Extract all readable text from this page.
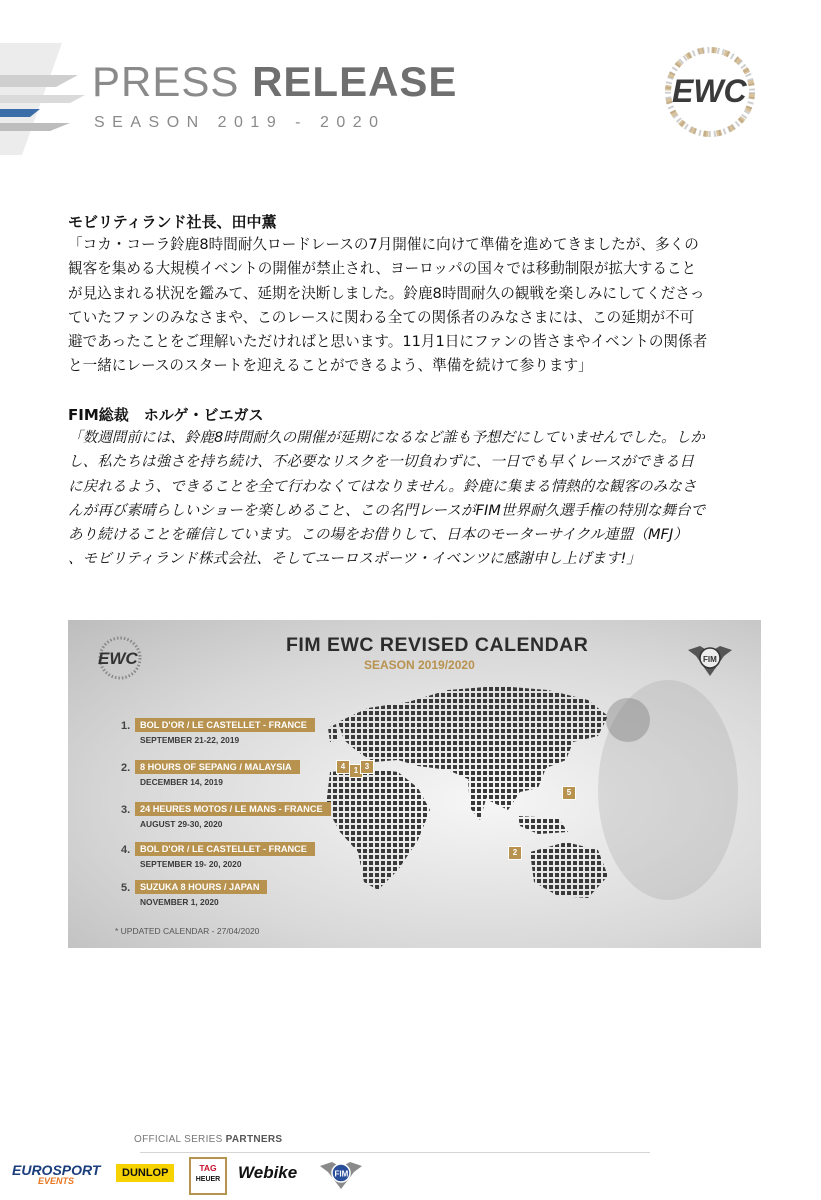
PRESS RELEASE
SEASON 2019 - 2020
EWC
モビリティランド社長、田中薫
「コカ・コーラ鈴鹿8時間耐久ロードレースの7月開催に向けて準備を進めてきましたが、多くの
観客を集める大規模イベントの開催が禁止され、ヨーロッパの国々では移動制限が拡大すること
が見込まれる状況を鑑みて、延期を決断しました。鈴鹿8時間耐久の観戦を楽しみにしてくださっ
ていたファンのみなさまや、このレースに関わる全ての関係者のみなさまには、この延期が不可
避であったことをご理解いただければと思います。11月1日にファンの皆さまやイベントの関係者
と一緒にレースのスタートを迎えることができるよう、準備を続けて参ります」
FIM総裁　ホルゲ・ビエガス
「数週間前には、鈴鹿8時間耐久の開催が延期になるなど誰も予想だにしていませんでした。しか
し、私たちは強さを持ち続け、不必要なリスクを一切負わずに、一日でも早くレースができる日
に戻れるよう、できることを全て行わなくてはなりません。鈴鹿に集まる情熱的な観客のみなさ
んが再び素晴らしいショーを楽しめること、この名門レースがFIM世界耐久選手権の特別な舞台で
あり続けることを確信しています。この場をお借りして、日本のモーターサイクル連盟（MFJ）
、モビリティランド株式会社、そしてユーロスポーツ・イベンツに感謝申し上げます!」
EWC
FIM EWC REVISED CALENDAR
SEASON 2019/2020	FIM
1.	BOL D'OR / LE CASTELLET - FRANCE
SEPTEMBER 21-22, 2019
2.	8 HOURS OF SEPANG / MALAYSIA
DECEMBER 14, 2019
3.	24 HEURES MOTOS / LE MANS - FRANCE
AUGUST 29-30, 2020
4.	BOL D'OR / LE CASTELLET - FRANCE
SEPTEMBER 19- 20, 2020
5.	SUZUKA 8 HOURS / JAPAN
NOVEMBER 1, 2020
4	1 3
2
5
* UPDATED CALENDAR - 27/04/2020
OFFICIAL SERIES PARTNERS
EUROSPORT
EVENTS
DUNLOP	TAG
HEUER Webike	FIM
